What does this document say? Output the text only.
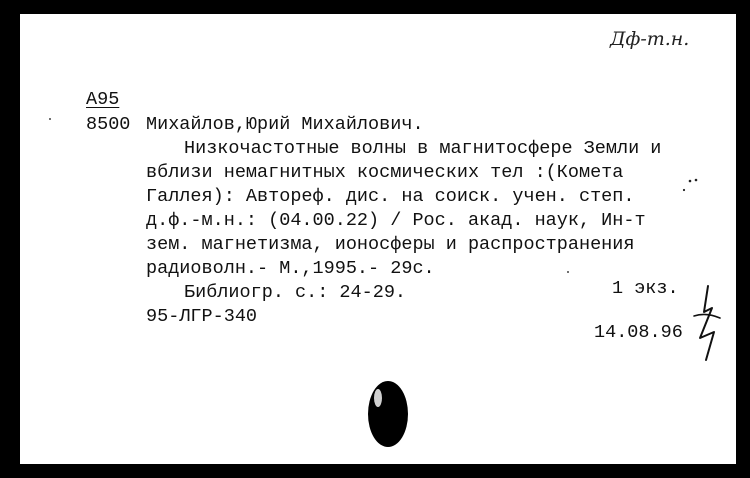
Дф-т.н.
А95
8500 Михайлов,Юрий Михайлович.
Низкочастотные волны в магнитосфере Земли и
вблизи немагнитных космических тел :(Комета
Галлея): Автореф. дис. на соиск. учен. степ.
д.ф.-м.н.: (04.00.22) / Рос. акад. наук, Ин-т
зем. магнетизма, ионосферы и распространения
радиоволн.- М.,1995.- 29с.
Библиогр. с.: 24-29.	1 экз.
95-ЛГР-340
14.08.96
